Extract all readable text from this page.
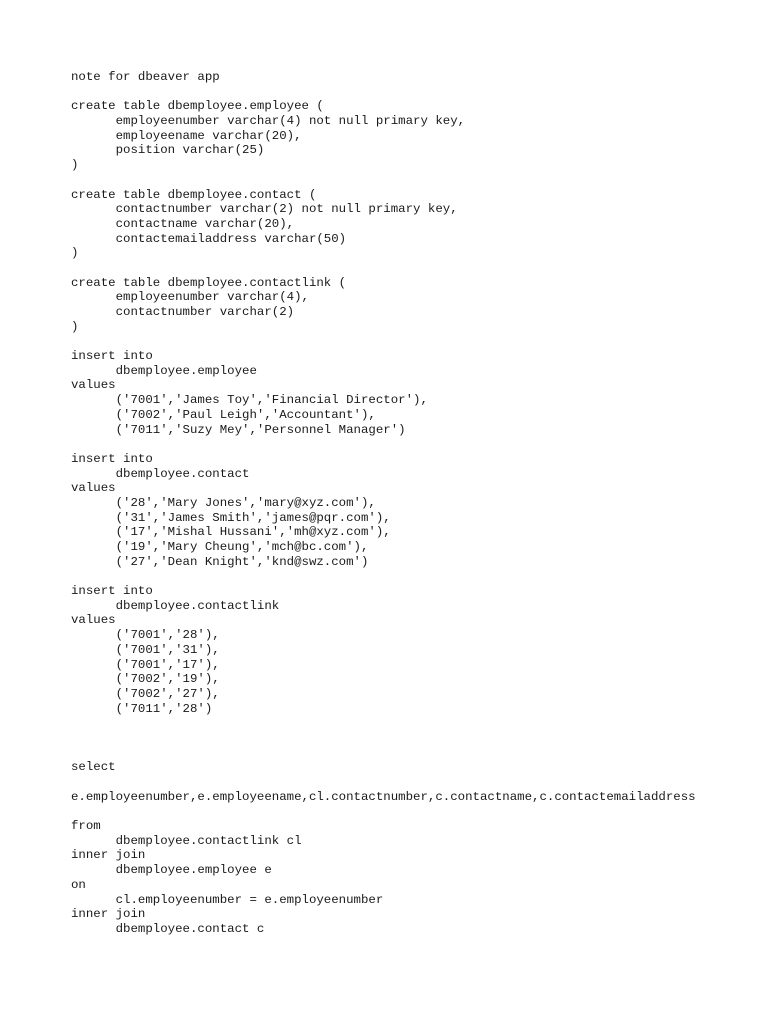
note for dbeaver app
create table dbemployee.employee (
employeenumber varchar(4) not null primary key,
employeename varchar(20),
position varchar(25)
)
create table dbemployee.contact (
contactnumber varchar(2) not null primary key,
contactname varchar(20),
contactemailaddress varchar(50)
)
create table dbemployee.contactlink (
employeenumber varchar(4),
contactnumber varchar(2)
)
insert into
dbemployee.employee
values
('7001','James Toy','Financial Director'),
('7002','Paul Leigh','Accountant'),
('7011','Suzy Mey','Personnel Manager')
insert into
dbemployee.contact
values
('28','Mary Jones','mary@xyz.com'),
('31','James Smith','james@pqr.com'),
('17','Mishal Hussani','mh@xyz.com'),
('19','Mary Cheung','mch@bc.com'),
('27','Dean Knight','knd@swz.com')
insert into
dbemployee.contactlink
values
('7001','28'),
('7001','31'),
('7001','17'),
('7002','19'),
('7002','27'),
('7011','28')
select
e.employeenumber,e.employeename,cl.contactnumber,c.contactname,c.contactemailaddress
from
dbemployee.contactlink cl
inner join
dbemployee.employee e
on
cl.employeenumber = e.employeenumber
inner join
dbemployee.contact c
